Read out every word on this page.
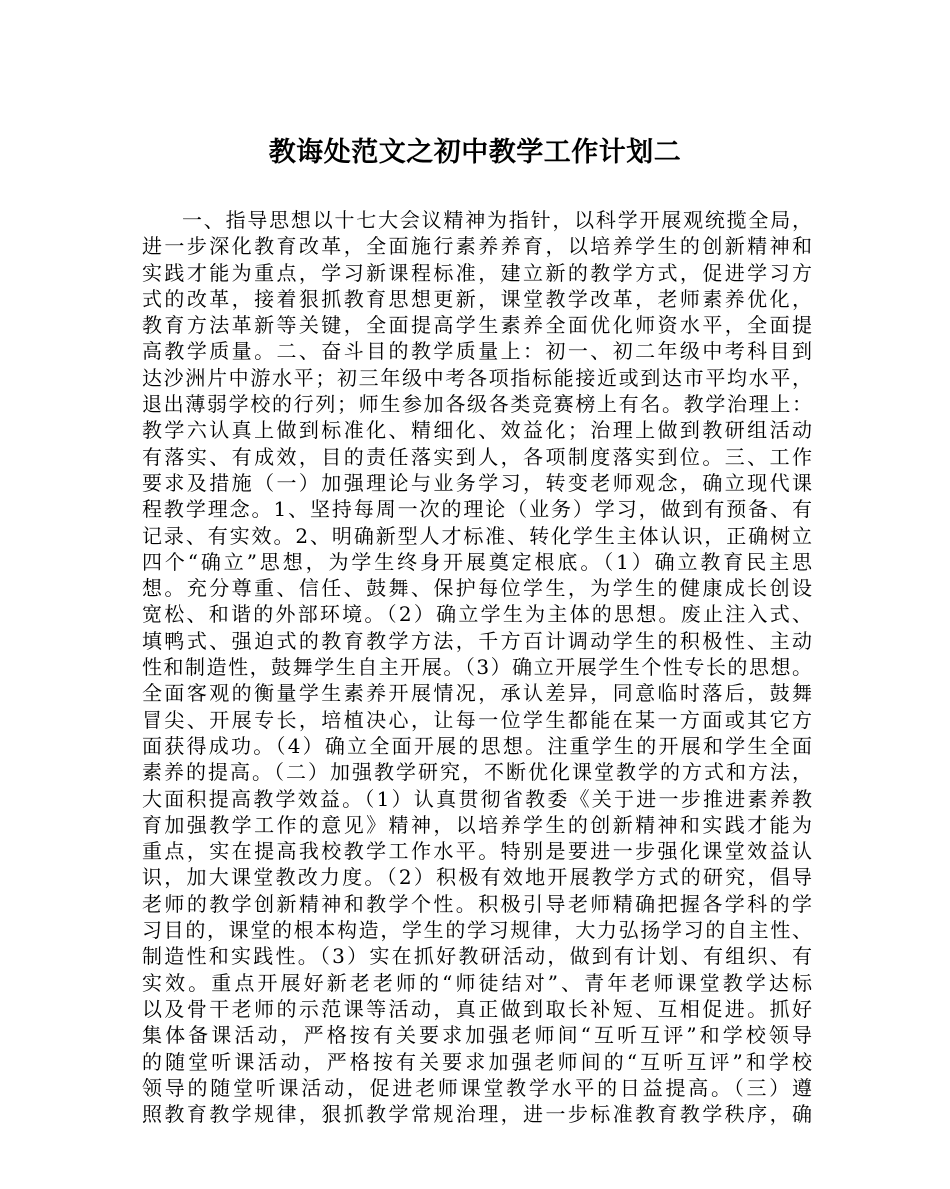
教诲处范文之初中教学工作计划二
一、指导思想以十七大会议精神为指针，以科学开展观统揽全局，
进一步深化教育改革，全面施行素养养育，以培养学生的创新精神和
实践才能为重点，学习新课程标准，建立新的教学方式，促进学习方
式的改革，接着狠抓教育思想更新，课堂教学改革，老师素养优化，
教育方法革新等关键，全面提高学生素养全面优化师资水平，全面提
高教学质量。二、奋斗目的教学质量上：初一、初二年级中考科目到
达沙洲片中游水平；初三年级中考各项指标能接近或到达市平均水平，
退出薄弱学校的行列；师生参加各级各类竞赛榜上有名。教学治理上：
教学六认真上做到标准化、精细化、效益化；治理上做到教研组活动
有落实、有成效，目的责任落实到人，各项制度落实到位。三、工作
要求及措施（一）加强理论与业务学习，转变老师观念，确立现代课
程教学理念。1、坚持每周一次的理论（业务）学习，做到有预备、有
记录、有实效。2、明确新型人才标准、转化学生主体认识，正确树立
四个“确立”思想，为学生终身开展奠定根底。（1）确立教育民主思
想。充分尊重、信任、鼓舞、保护每位学生，为学生的健康成长创设
宽松、和谐的外部环境。（2）确立学生为主体的思想。废止注入式、
填鸭式、强迫式的教育教学方法，千方百计调动学生的积极性、主动
性和制造性，鼓舞学生自主开展。（3）确立开展学生个性专长的思想。
全面客观的衡量学生素养开展情况，承认差异，同意临时落后，鼓舞
冒尖、开展专长，培植决心，让每一位学生都能在某一方面或其它方
面获得成功。（4）确立全面开展的思想。注重学生的开展和学生全面
素养的提高。（二）加强教学研究，不断优化课堂教学的方式和方法，
大面积提高教学效益。（1）认真贯彻省教委《关于进一步推进素养教
育加强教学工作的意见》精神，以培养学生的创新精神和实践才能为
重点，实在提高我校教学工作水平。特别是要进一步强化课堂效益认
识，加大课堂教改力度。（2）积极有效地开展教学方式的研究，倡导
老师的教学创新精神和教学个性。积极引导老师精确把握各学科的学
习目的，课堂的根本构造，学生的学习规律，大力弘扬学习的自主性、
制造性和实践性。（3）实在抓好教研活动，做到有计划、有组织、有
实效。重点开展好新老老师的“师徒结对”、青年老师课堂教学达标
以及骨干老师的示范课等活动，真正做到取长补短、互相促进。抓好
集体备课活动，严格按有关要求加强老师间“互听互评”和学校领导
的随堂听课活动，严格按有关要求加强老师间的“互听互评”和学校
领导的随堂听课活动，促进老师课堂教学水平的日益提高。（三）遵
照教育教学规律，狠抓教学常规治理，进一步标准教育教学秩序，确
